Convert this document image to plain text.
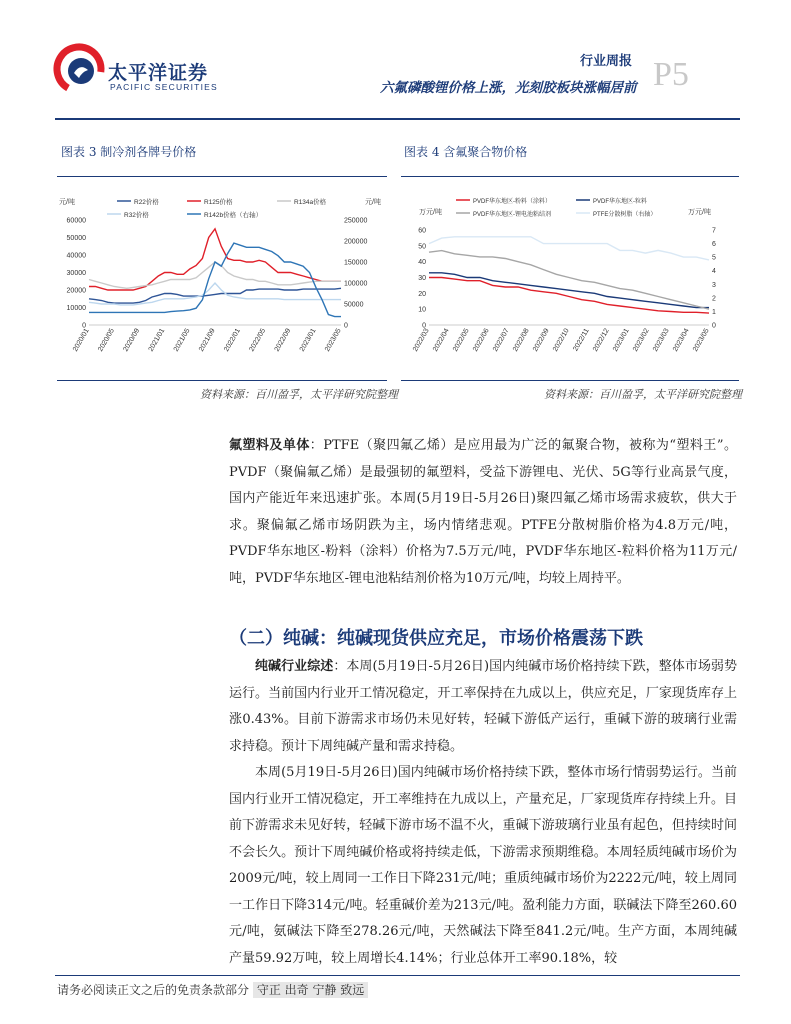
太平洋证券
PACIFIC SECURITIES
行业周报
六氟磷酸锂价格上涨，光刻胶板块涨幅居前 P5
图表 3 制冷剂各牌号价格
0
10000
20000
30000
40000
50000
60000
0
50000
100000
150000
200000
250000
元/吨	元/吨
2020/01 2020/05 2020/09 2021/01 2021/05 2021/09 2022/01 2022/05 2022/09 2023/01 2023/05
R22价格	R125价格	R134a价格
R32价格	R142b价格（右轴）
资料来源：百川盈孚，太平洋研究院整理
图表 4 含氟聚合物价格
0
10
20
30
40
50
60
0
1
2
3
4
5
6
7
万元/吨	万元/吨
2022/03 2022/04 2022/05 2022/06 2022/07 2022/08 2022/09 2022/10 2022/11 2022/12 2023/01 2023/02 2023/03 2023/04 2023/05
PVDF华东地区-粉料（涂料）	PVDF华东地区-粒料
PVDF华东地区-锂电池粘结剂	PTFE分散树脂（右轴）
资料来源：百川盈孚，太平洋研究院整理
氟塑料及单体：PTFE（聚四氟乙烯）是应用最为广泛的氟聚合物，被称为“塑料王”。PVDF（聚偏氟乙烯）是最强韧的氟塑料，受益下游锂电、光伏、5G等行业高景气度，国内产能近年来迅速扩张。本周(5月19日-5月26日)聚四氟乙烯市场需求疲软，供大于求。聚偏氟乙烯市场阴跌为主，场内情绪悲观。PTFE分散树脂价格为4.8万元/吨，PVDF华东地区-粉料（涂料）价格为7.5万元/吨，PVDF华东地区-粒料价格为11万元/吨，PVDF华东地区-锂电池粘结剂价格为10万元/吨，均较上周持平。
（二）纯碱：纯碱现货供应充足，市场价格震荡下跌
纯碱行业综述：本周(5月19日-5月26日)国内纯碱市场价格持续下跌，整体市场弱势运行。当前国内行业开工情况稳定，开工率保持在九成以上，供应充足，厂家现货库存上涨0.43%。目前下游需求市场仍未见好转，轻碱下游低产运行，重碱下游的玻璃行业需求持稳。预计下周纯碱产量和需求持稳。
本周(5月19日-5月26日)国内纯碱市场价格持续下跌，整体市场行情弱势运行。当前国内行业开工情况稳定，开工率维持在九成以上，产量充足，厂家现货库存持续上升。目前下游需求未见好转，轻碱下游市场不温不火，重碱下游玻璃行业虽有起色，但持续时间不会长久。预计下周纯碱价格或将持续走低，下游需求预期维稳。本周轻质纯碱市场价为2009元/吨，较上周同一工作日下降231元/吨；重质纯碱市场价为2222元/吨，较上周同一工作日下降314元/吨。轻重碱价差为213元/吨。盈利能力方面，联碱法下降至260.60元/吨，氨碱法下降至278.26元/吨，天然碱法下降至841.2元/吨。生产方面，本周纯碱产量59.92万吨，较上周增长4.14%；行业总体开工率90.18%，较
请务必阅读正文之后的免责条款部分 守正 出奇 宁静 致远
